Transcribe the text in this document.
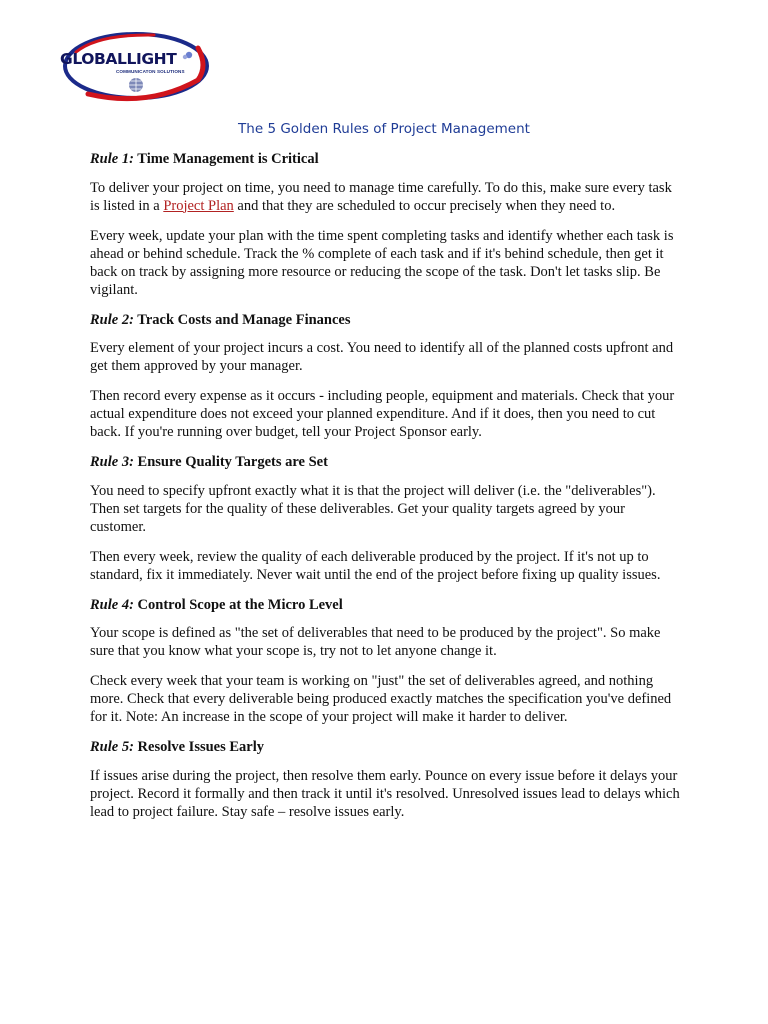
GLOBALLIGHT
COMMUNICATON SOLUTIONS
The 5 Golden Rules of Project Management
Rule 1: Time Management is Critical

To deliver your project on time, you need to manage time carefully. To do this, make sure every task is listed in a Project Plan and that they are scheduled to occur precisely when they need to.

Every week, update your plan with the time spent completing tasks and identify whether each task is ahead or behind schedule. Track the % complete of each task and if it's behind schedule, then get it back on track by assigning more resource or reducing the scope of the task. Don't let tasks slip. Be vigilant.

Rule 2: Track Costs and Manage Finances

Every element of your project incurs a cost. You need to identify all of the planned costs upfront and get them approved by your manager.

Then record every expense as it occurs - including people, equipment and materials. Check that your actual expenditure does not exceed your planned expenditure. And if it does, then you need to cut back. If you're running over budget, tell your Project Sponsor early.

Rule 3: Ensure Quality Targets are Set

You need to specify upfront exactly what it is that the project will deliver (i.e. the "deliverables"). Then set targets for the quality of these deliverables. Get your quality targets agreed by your customer.

Then every week, review the quality of each deliverable produced by the project. If it's not up to standard, fix it immediately. Never wait until the end of the project before fixing up quality issues.

Rule 4: Control Scope at the Micro Level

Your scope is defined as "the set of deliverables that need to be produced by the project". So make sure that you know what your scope is, try not to let anyone change it.

Check every week that your team is working on "just" the set of deliverables agreed, and nothing more. Check that every deliverable being produced exactly matches the specification you've defined for it. Note: An increase in the scope of your project will make it harder to deliver.

Rule 5: Resolve Issues Early

If issues arise during the project, then resolve them early. Pounce on every issue before it delays your project. Record it formally and then track it until it's resolved. Unresolved issues lead to delays which lead to project failure. Stay safe – resolve issues early.
